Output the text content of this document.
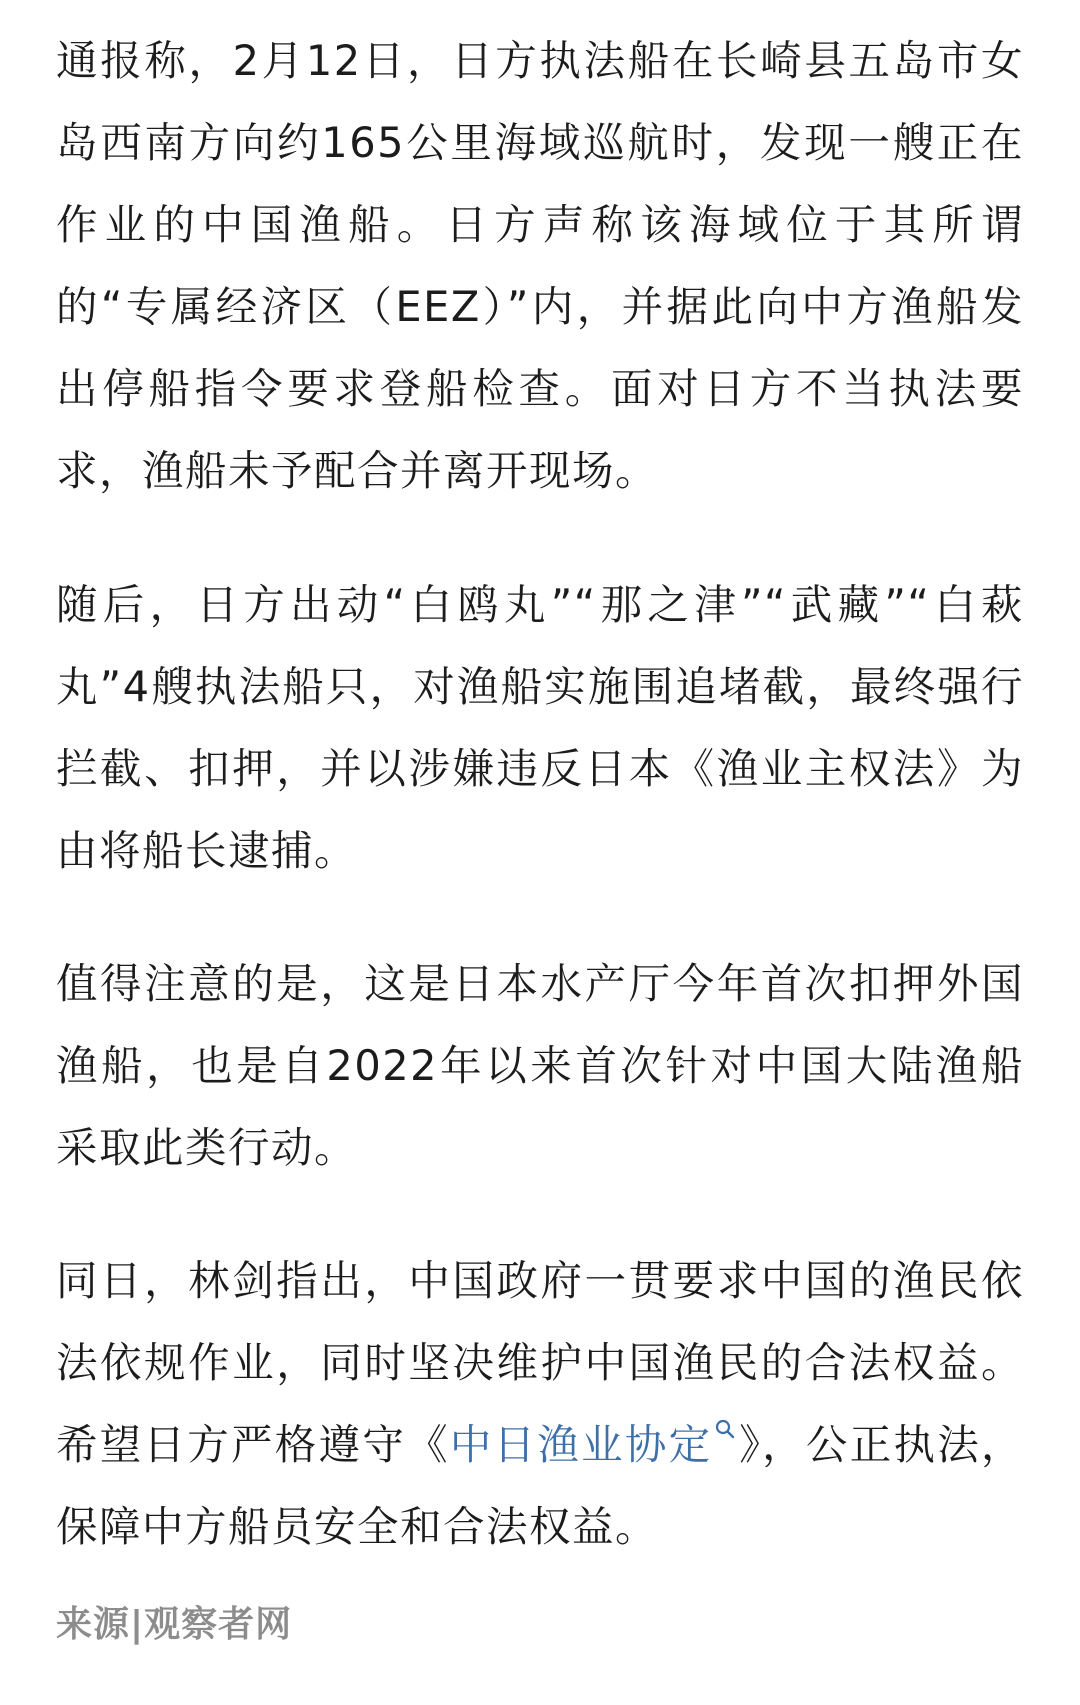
通报称，2月12日，日方执法船在长崎县五岛市女岛西南方向约165公里海域巡航时，发现一艘正在作业的中国渔船。日方声称该海域位于其所谓的“专属经济区（EEZ）”内，并据此向中方渔船发出停船指令要求登船检查。面对日方不当执法要求，渔船未予配合并离开现场。

随后，日方出动“白鸥丸”“那之津”“武藏”“白萩丸”4艘执法船只，对渔船实施围追堵截，最终强行拦截、扣押，并以涉嫌违反日本《渔业主权法》为由将船长逮捕。

值得注意的是，这是日本水产厅今年首次扣押外国渔船，也是自2022年以来首次针对中国大陆渔船采取此类行动。

同日，林剑指出，中国政府一贯要求中国的渔民依法依规作业，同时坚决维护中国渔民的合法权益。希望日方严格遵守《中日渔业协定 》，公正执法，保障中方船员安全和合法权益。

来源|观察者网
